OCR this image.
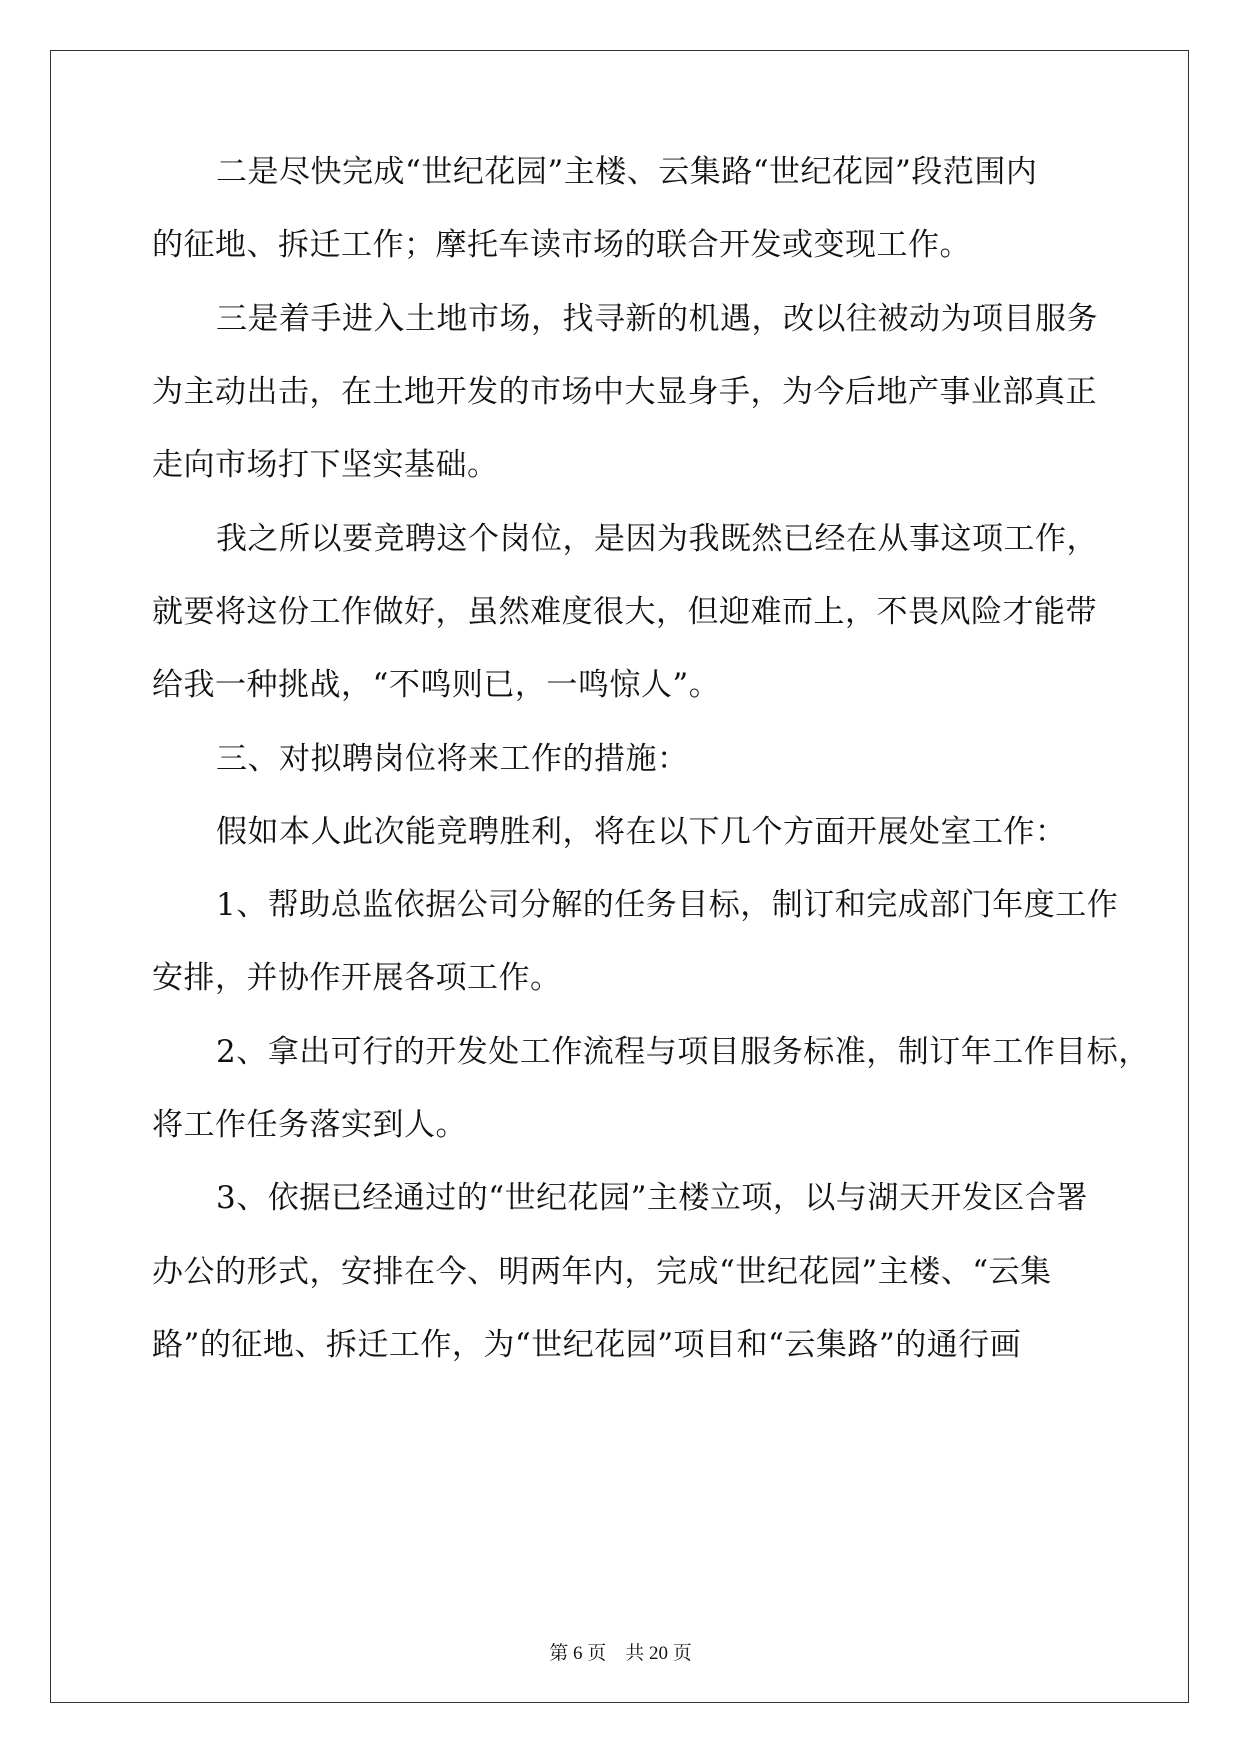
二是尽快完成“世纪花园”主楼、云集路“世纪花园”段范围内
的征地、拆迁工作；摩托车读市场的联合开发或变现工作。
三是着手进入土地市场，找寻新的机遇，改以往被动为项目服务
为主动出击，在土地开发的市场中大显身手，为今后地产事业部真正
走向市场打下坚实基础。
我之所以要竞聘这个岗位，是因为我既然已经在从事这项工作，
就要将这份工作做好，虽然难度很大，但迎难而上，不畏风险才能带
给我一种挑战，“不鸣则已，一鸣惊人”。
三、对拟聘岗位将来工作的措施：
假如本人此次能竞聘胜利，将在以下几个方面开展处室工作：
1、帮助总监依据公司分解的任务目标，制订和完成部门年度工作
安排，并协作开展各项工作。
2、拿出可行的开发处工作流程与项目服务标准，制订年工作目标，
将工作任务落实到人。
3、依据已经通过的“世纪花园”主楼立项，以与湖天开发区合署
办公的形式，安排在今、明两年内，完成“世纪花园”主楼、“云集
路”的征地、拆迁工作，为“世纪花园”项目和“云集路”的通行画
第 6 页　共 20 页
